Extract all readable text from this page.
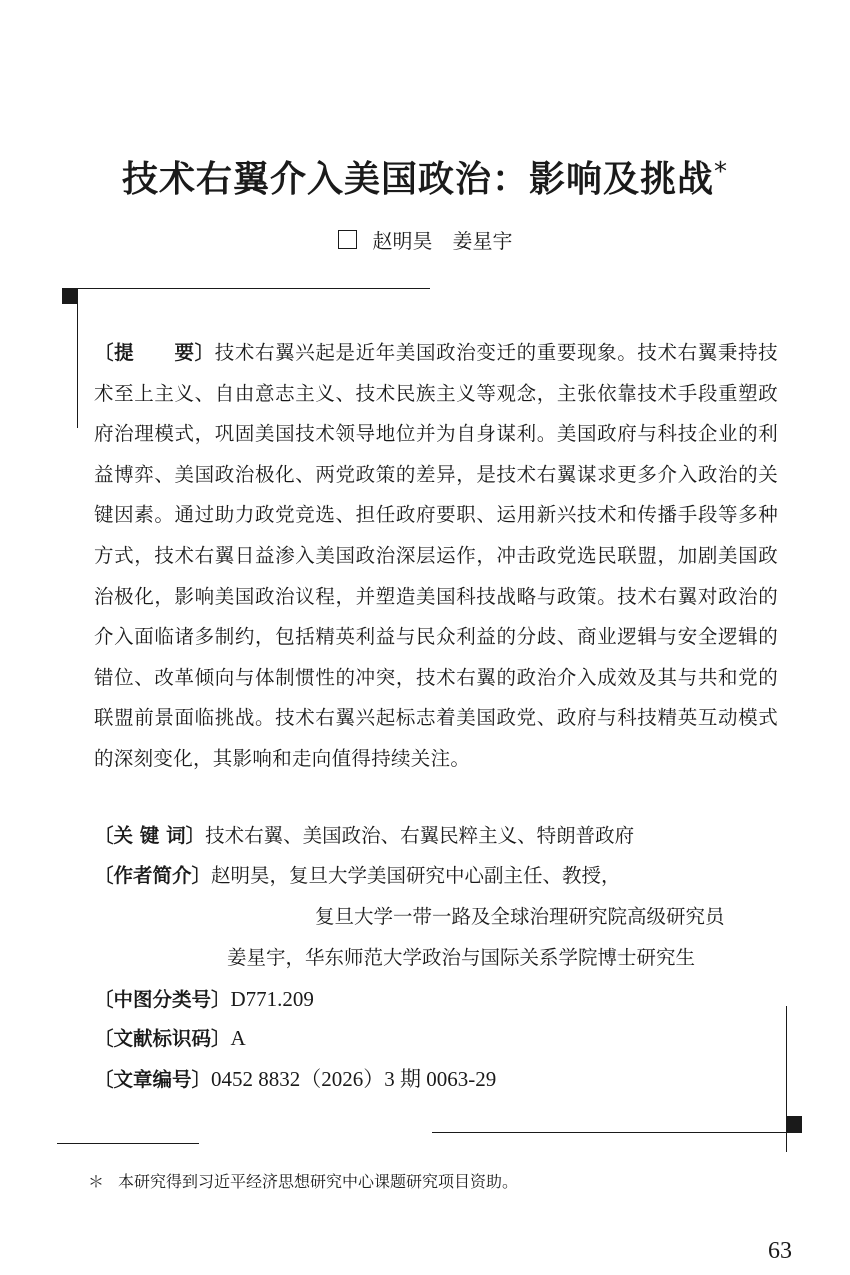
技术右翼介入美国政治：影响及挑战*
赵明昊 姜星宇
〔提　　要〕技术右翼兴起是近年美国政治变迁的重要现象。技术右翼秉持技术至上主义、自由意志主义、技术民族主义等观念，主张依靠技术手段重塑政府治理模式，巩固美国技术领导地位并为自身谋利。美国政府与科技企业的利益博弈、美国政治极化、两党政策的差异，是技术右翼谋求更多介入政治的关键因素。通过助力政党竞选、担任政府要职、运用新兴技术和传播手段等多种方式，技术右翼日益渗入美国政治深层运作，冲击政党选民联盟，加剧美国政治极化，影响美国政治议程，并塑造美国科技战略与政策。技术右翼对政治的介入面临诸多制约，包括精英利益与民众利益的分歧、商业逻辑与安全逻辑的错位、改革倾向与体制惯性的冲突，技术右翼的政治介入成效及其与共和党的联盟前景面临挑战。技术右翼兴起标志着美国政党、政府与科技精英互动模式的深刻变化，其影响和走向值得持续关注。
〔关 键 词〕技术右翼、美国政治、右翼民粹主义、特朗普政府
〔作者简介〕赵明昊，复旦大学美国研究中心副主任、教授，
复旦大学一带一路及全球治理研究院高级研究员
姜星宇，华东师范大学政治与国际关系学院博士研究生
〔中图分类号〕D771.209
〔文献标识码〕A
〔文章编号〕0452 8832（2026）3 期 0063-29
＊ 本研究得到习近平经济思想研究中心课题研究项目资助。
63
